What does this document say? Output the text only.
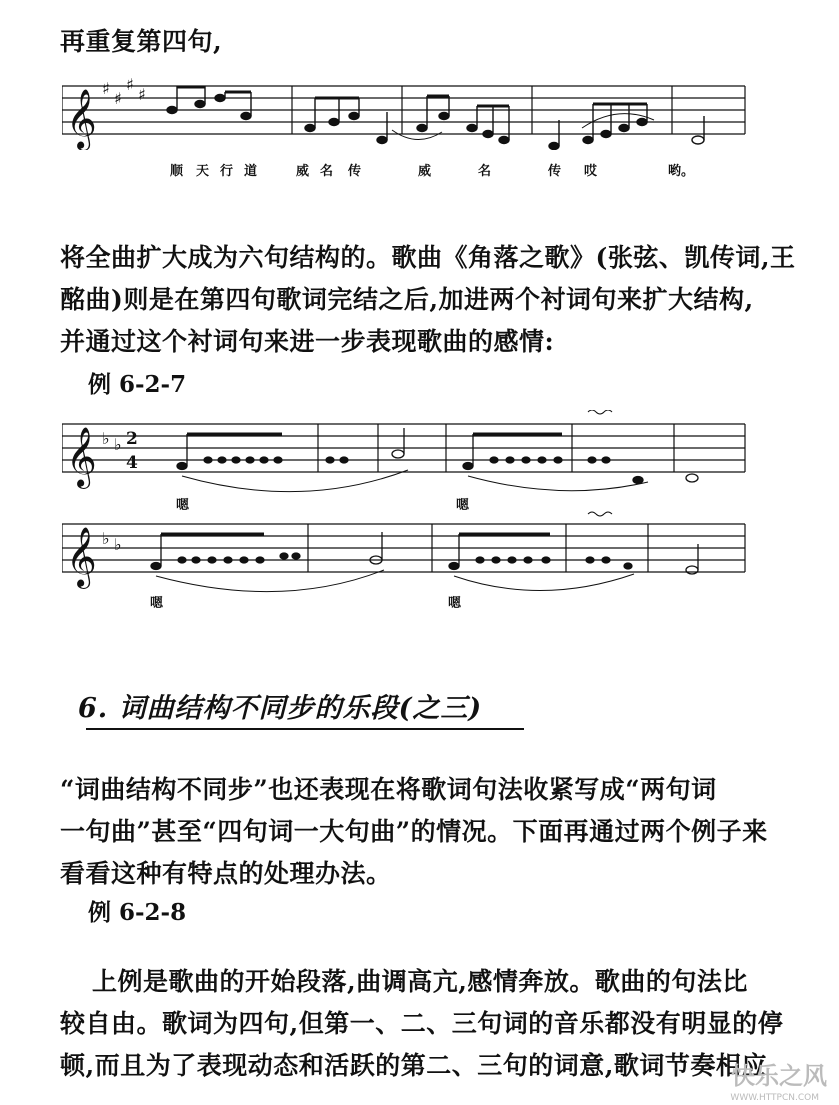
再重复第四句,
𝄞
♯
♯
♯
♯
顺 天 行 道	威 名 传	威	名	传 哎	哟。
将全曲扩大成为六句结构的。歌曲《角落之歌》(张弦、凯传词,王
酩曲)则是在第四句歌词完结之后,加进两个衬词句来扩大结构,
并通过这个衬词句来进一步表现歌曲的感情:
例 6-2-7
𝄞 ♭ ♭ 2
4
𝄞 ♭ ♭
嗯	嗯
嗯	嗯
6. 词曲结构不同步的乐段(之三)
“词曲结构不同步”也还表现在将歌词句法收紧写成“两句词
一句曲”甚至“四句词一大句曲”的情况。下面再通过两个例子来
看看这种有特点的处理办法。
例 6-2-8
上例是歌曲的开始段落,曲调高亢,感情奔放。歌曲的句法比
较自由。歌词为四句,但第一、二、三句词的音乐都没有明显的停
顿,而且为了表现动态和活跃的第二、三句的词意,歌词节奏相应
快乐之风
WWW.HTTPCN.COM
